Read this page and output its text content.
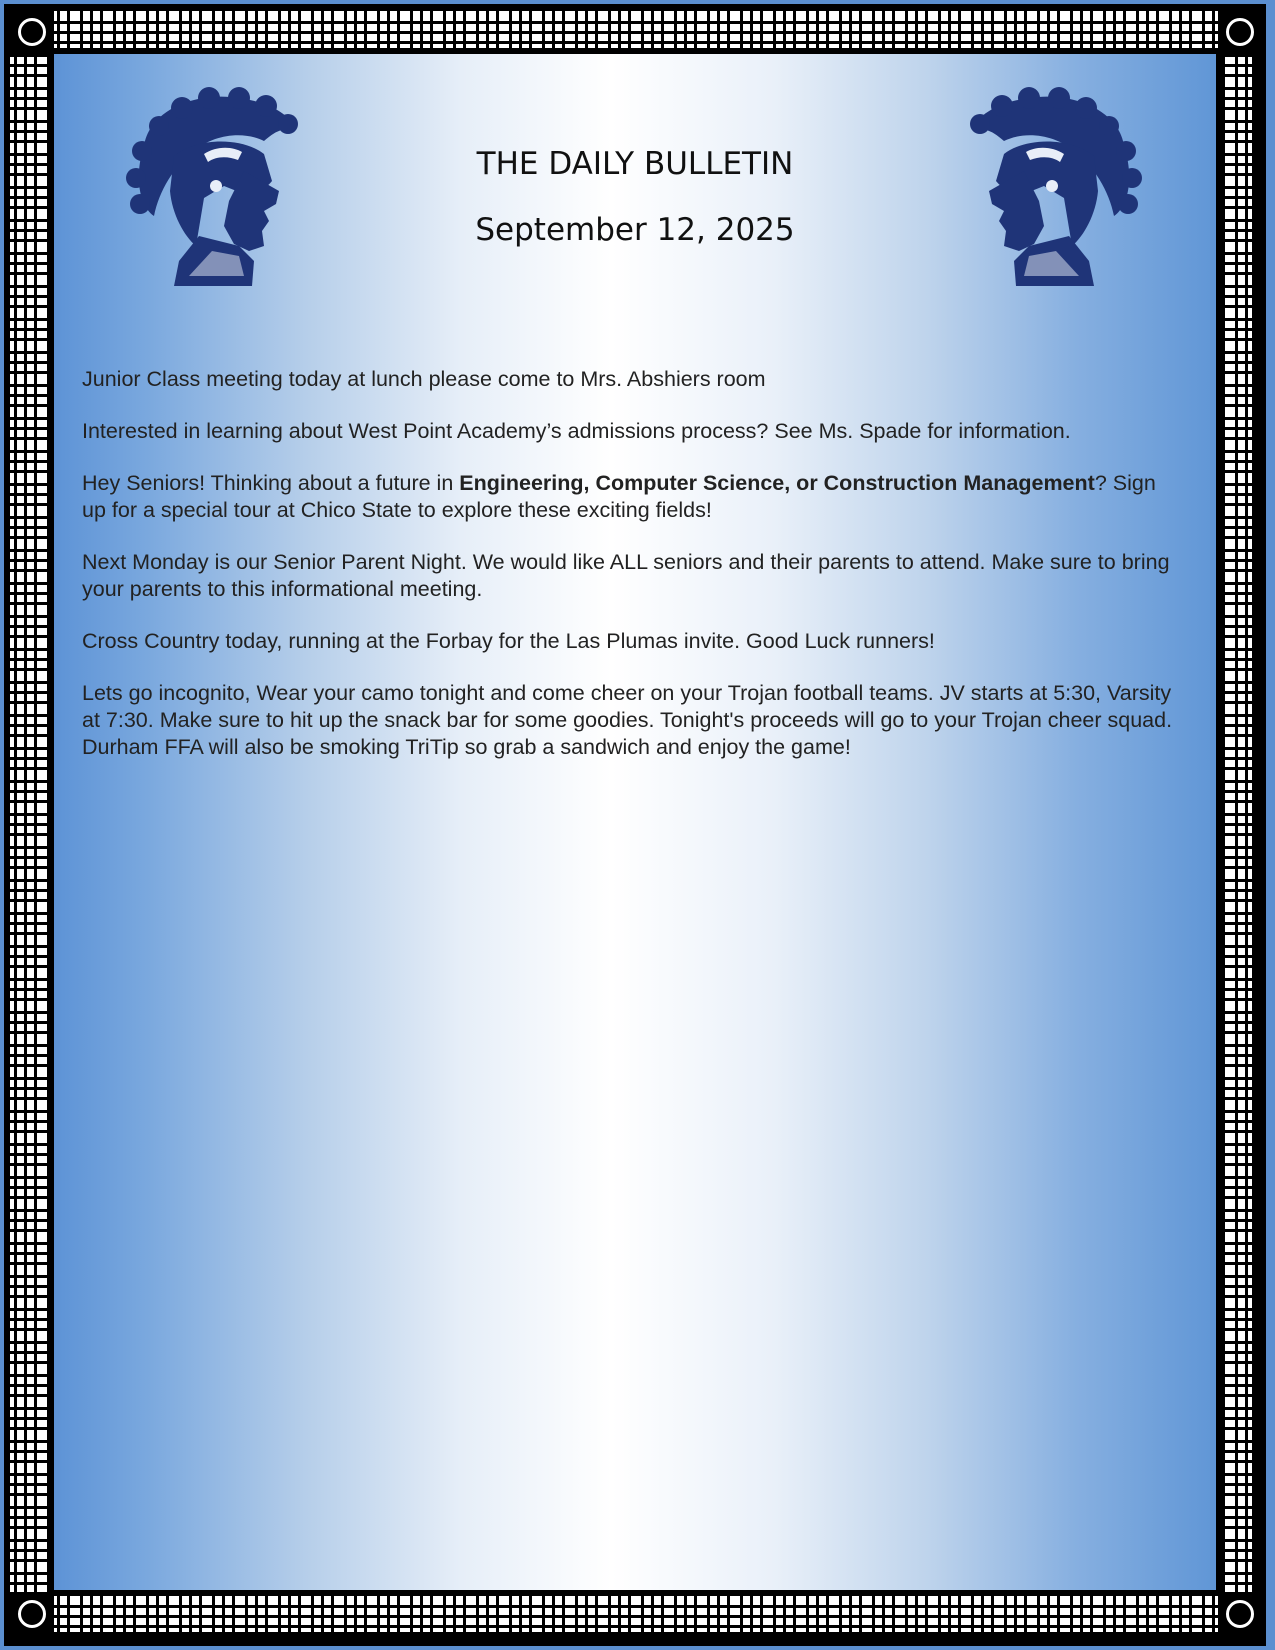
THE DAILY BULLETIN
September 12, 2025

Junior Class meeting today at lunch please come to Mrs. Abshiers room

Interested in learning about West Point Academy’s admissions process? See Ms. Spade for information.

Hey Seniors! Thinking about a future in Engineering, Computer Science, or Construction Management? Sign up for a special tour at Chico State to explore these exciting fields!

Next Monday is our Senior Parent Night. We would like ALL seniors and their parents to attend. Make sure to bring your parents to this informational meeting.

Cross Country today, running at the Forbay for the Las Plumas invite. Good Luck runners!

Lets go incognito, Wear your camo tonight and come cheer on your Trojan football teams. JV starts at 5:30, Varsity at 7:30. Make sure to hit up the snack bar for some goodies. Tonight's proceeds will go to your Trojan cheer squad. Durham FFA will also be smoking TriTip so grab a sandwich and enjoy the game!
